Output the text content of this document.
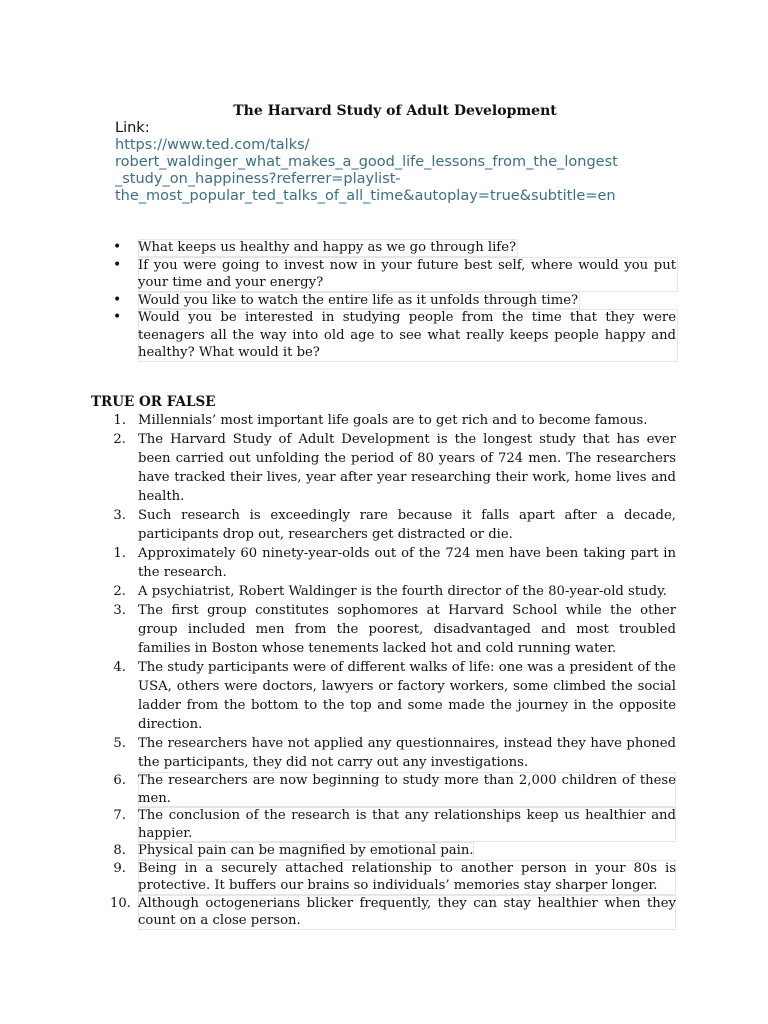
The Harvard Study of Adult Development
Link:
https://www.ted.com/talks/
robert_waldinger_what_makes_a_good_life_lessons_from_the_longest
_study_on_happiness?referrer=playlist-
the_most_popular_ted_talks_of_all_time&autoplay=true&subtitle=en
• What keeps us healthy and happy as we go through life?
• If you were going to invest now in your future best self, where would you put your time and your energy?
• Would you like to watch the entire life as it unfolds through time?
• Would you be interested in studying people from the time that they were teenagers all the way into old age to see what really keeps people happy and healthy? What would it be?
TRUE OR FALSE
1. Millennials’ most important life goals are to get rich and to become famous.
2. The Harvard Study of Adult Development is the longest study that has ever been carried out unfolding the period of 80 years of 724 men. The researchers have tracked their lives, year after year researching their work, home lives and health.
3. Such research is exceedingly rare because it falls apart after a decade, participants drop out, researchers get distracted or die.
1. Approximately 60 ninety-year-olds out of the 724 men have been taking part in the research.
2. A psychiatrist, Robert Waldinger is the fourth director of the 80-year-old study.
3. The first group constitutes sophomores at Harvard School while the other group included men from the poorest, disadvantaged and most troubled families in Boston whose tenements lacked hot and cold running water.
4. The study participants were of different walks of life: one was a president of the USA, others were doctors, lawyers or factory workers, some climbed the social ladder from the bottom to the top and some made the journey in the opposite direction.
5. The researchers have not applied any questionnaires, instead they have phoned the participants, they did not carry out any investigations.
6. The researchers are now beginning to study more than 2,000 children of these men.
7. The conclusion of the research is that any relationships keep us healthier and happier.
8. Physical pain can be magnified by emotional pain.
9. Being in a securely attached relationship to another person in your 80s is protective. It buffers our brains so individuals’ memories stay sharper longer.
10. Although octogenerians blicker frequently, they can stay healthier when they count on a close person.
